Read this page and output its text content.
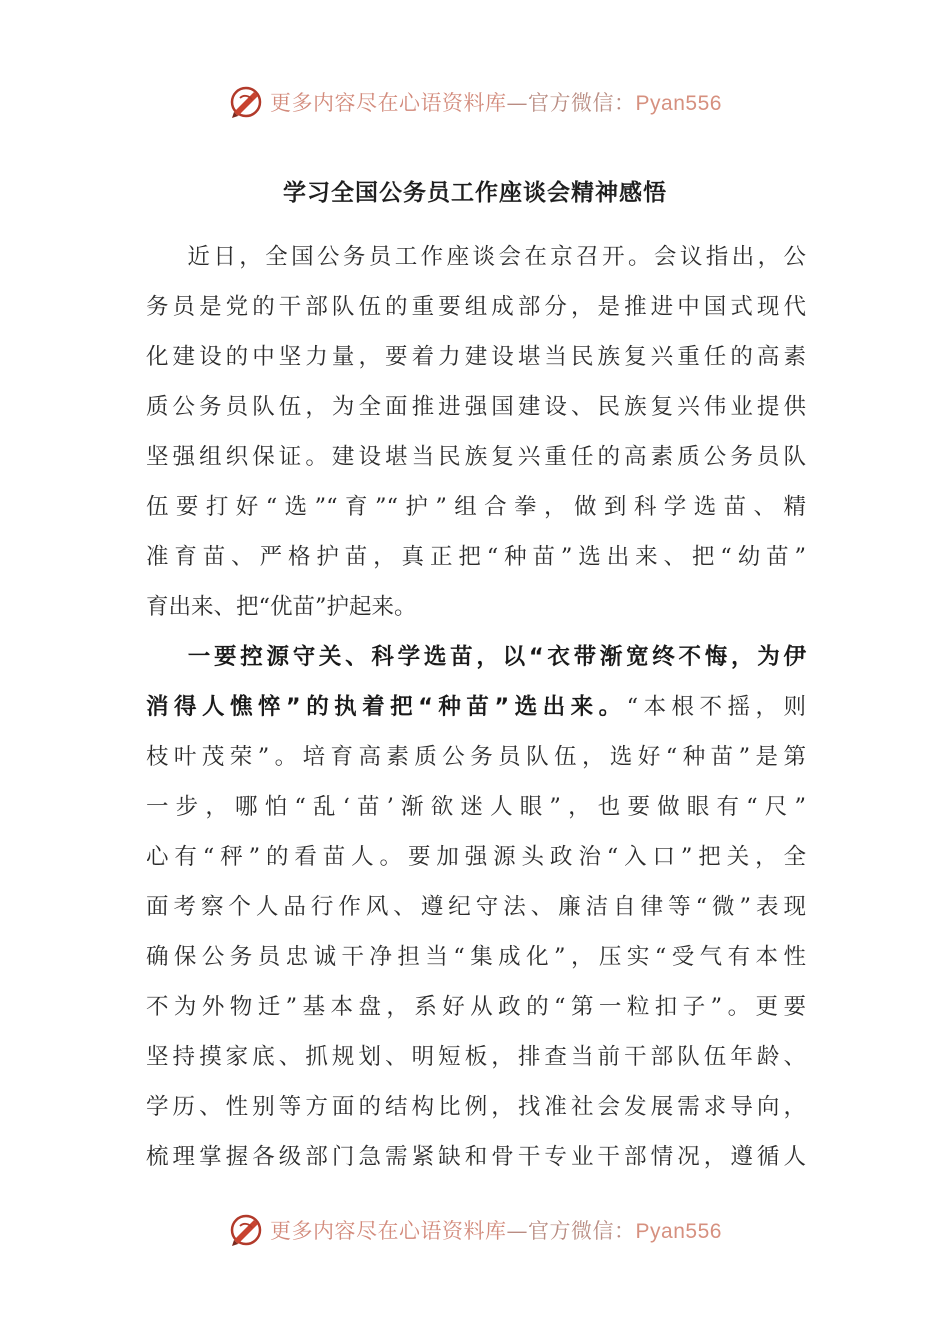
更多内容尽在心语资料库—官方微信：Pyan556
学习全国公务员工作座谈会精神感悟
近日，全国公务员工作座谈会在京召开。会议指出，公
务员是党的干部队伍的重要组成部分，是推进中国式现代
化建设的中坚力量，要着力建设堪当民族复兴重任的高素
质公务员队伍，为全面推进强国建设、民族复兴伟业提供
坚强组织保证。建设堪当民族复兴重任的高素质公务员队
伍要打好“选”“育”“护”组合拳，做到科学选苗、精
准育苗、严格护苗，真正把“种苗”选出来、把“幼苗”
育出来、把“优苗”护起来。
一要控源守关、科学选苗，以“衣带渐宽终不悔，为伊
消得人憔悴”的执着把“种苗”选出来。“本根不摇，则
枝叶茂荣”。培育高素质公务员队伍，选好“种苗”是第
一步，哪怕“乱‘苗’渐欲迷人眼”，也要做眼有“尺”
心有“秤”的看苗人。要加强源头政治“入口”把关，全
面考察个人品行作风、遵纪守法、廉洁自律等“微”表现
确保公务员忠诚干净担当“集成化”，压实“受气有本性
不为外物迁”基本盘，系好从政的“第一粒扣子”。更要
坚持摸家底、抓规划、明短板，排查当前干部队伍年龄、
学历、性别等方面的结构比例，找准社会发展需求导向，
梳理掌握各级部门急需紧缺和骨干专业干部情况，遵循人
更多内容尽在心语资料库—官方微信：Pyan556
